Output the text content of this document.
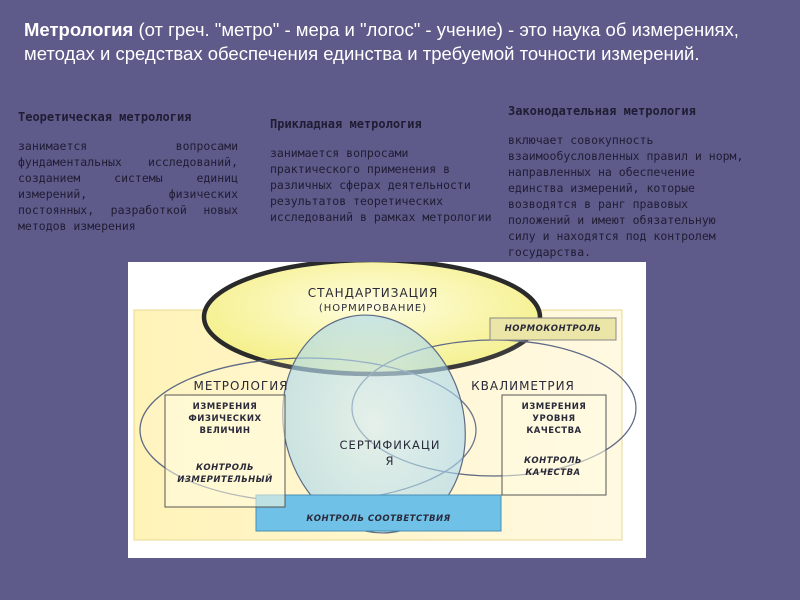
Метрология (от греч. "метро" - мера и "логос" - учение) - это наука об измерениях, методах и средствах обеспечения единства и требуемой точности измерений.
Теоретическая метрология
занимается вопросами фундаментальных исследований, созданием системы единиц измерений, физических постоянных, разработкой новых методов измерения
Прикладная метрология
занимается вопросами практического применения в различных сферах деятельности результатов теоретических исследований в рамках метрологии
Законодательная метрология
включает совокупность взаимообусловленных правил и норм, направленных на обеспечение единства измерений, которые возводятся в ранг правовых положений и имеют обязательную силу и находятся под контролем государства.
СТАНДАРТИЗАЦИЯ
(НОРМИРОВАНИЕ)
НОРМОКОНТРОЛЬ
МЕТРОЛОГИЯ	КВАЛИМЕТРИЯ
ИЗМЕРЕНИЯ ФИЗИЧЕСКИХ ВЕЛИЧИН
КОНТРОЛЬ ИЗМЕРИТЕЛЬНЫЙ
ИЗМЕРЕНИЯ УРОВНЯ КАЧЕСТВА
КОНТРОЛЬ КАЧЕСТВА
СЕРТИФИКАЦИ Я
КОНТРОЛЬ СООТВЕТСТВИЯ
